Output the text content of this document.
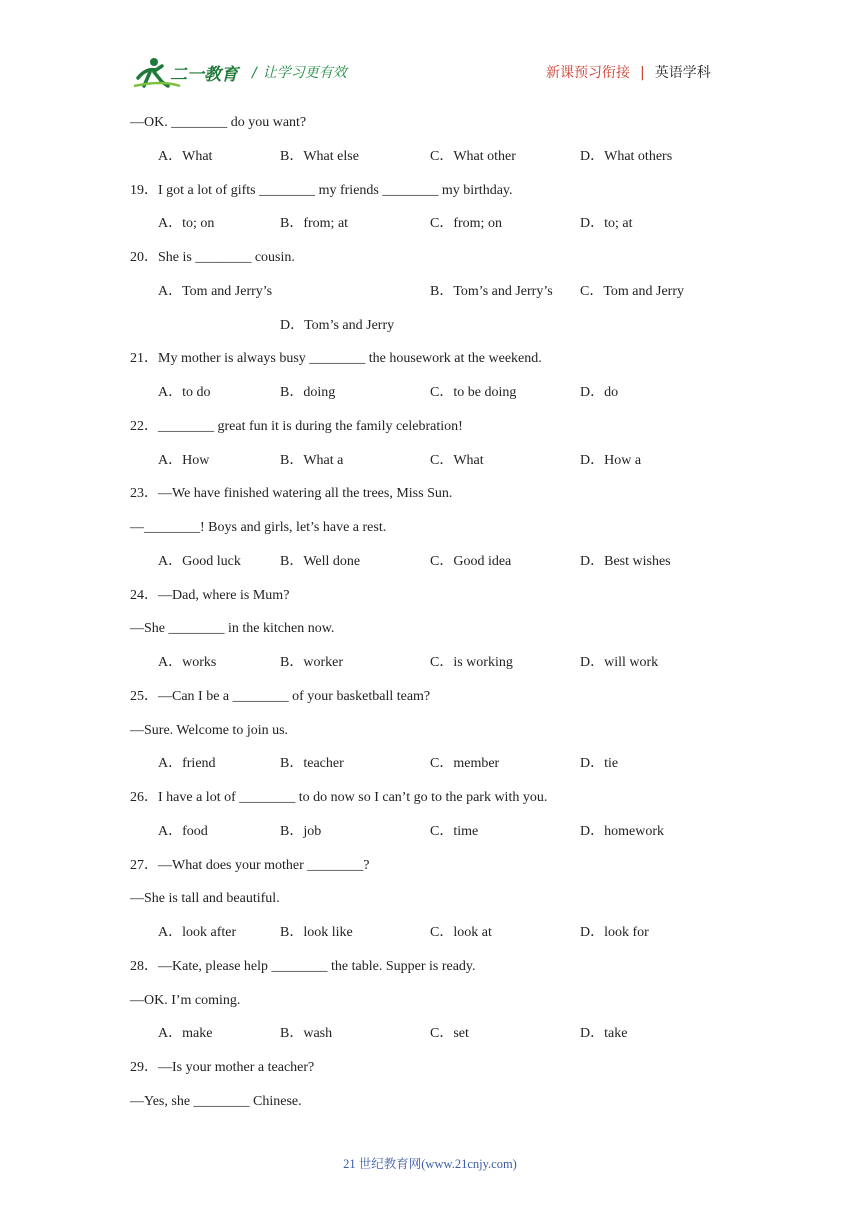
二一教育 / 让学习更有效	新课预习衔接 | 英语学科
—OK. ________ do you want?
A．What	B．What else	C．What other	D．What others
19．I got a lot of gifts ________ my friends ________ my birthday.
A．to; on	B．from; at	C．from; on	D．to; at
20．She is ________ cousin.
A．Tom and Jerry’s	B．Tom’s and Jerry’s C．Tom and Jerry
D．Tom’s and Jerry
21．My mother is always busy ________ the housework at the weekend.
A．to do	B．doing	C．to be doing	D．do
22．________ great fun it is during the family celebration!
A．How	B．What a	C．What	D．How a
23．—We have finished watering all the trees, Miss Sun.
—________! Boys and girls, let’s have a rest.
A．Good luck	B．Well done	C．Good idea	D．Best wishes
24．—Dad, where is Mum?
—She ________ in the kitchen now.
A．works	B．worker	C．is working	D．will work
25．—Can I be a ________ of your basketball team?
—Sure. Welcome to join us.
A．friend	B．teacher	C．member	D．tie
26．I have a lot of ________ to do now so I can’t go to the park with you.
A．food	B．job	C．time	D．homework
27．—What does your mother ________?
—She is tall and beautiful.
A．look after	B．look like	C．look at	D．look for
28．—Kate, please help ________ the table. Supper is ready.
—OK. I’m coming.
A．make	B．wash	C．set	D．take
29．—Is your mother a teacher?
—Yes, she ________ Chinese.
21 世纪教育网(www.21cnjy.com)
